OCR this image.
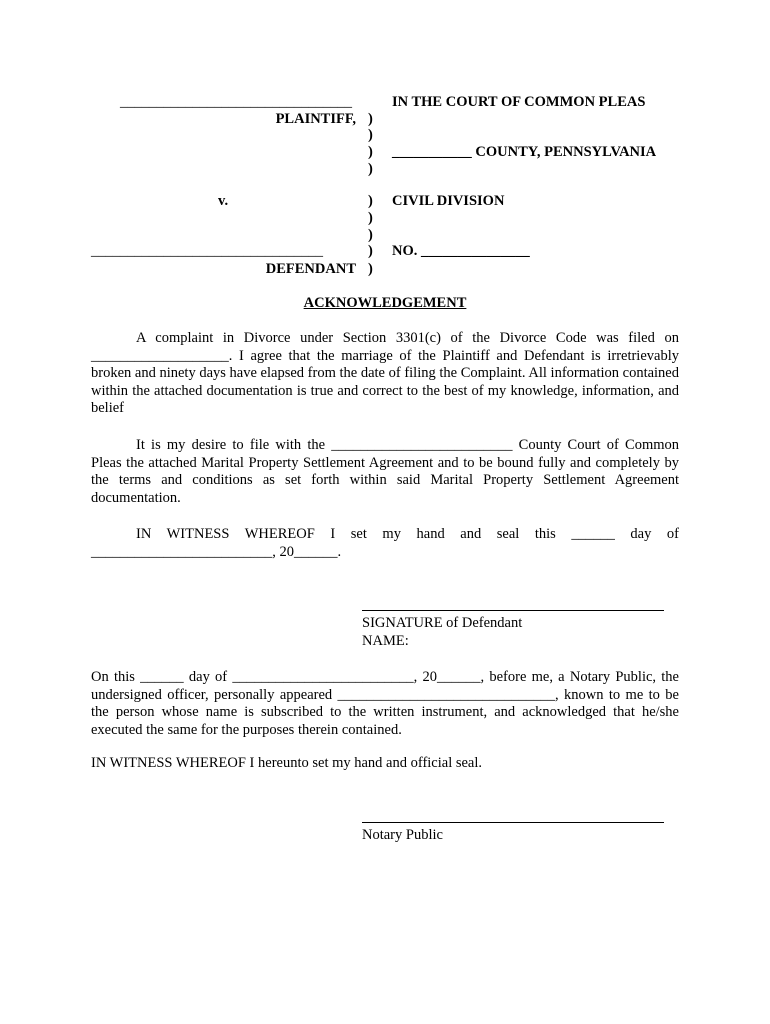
________________________________
PLAINTIFF,
v.
________________________________
DEFENDANT
)
)
)
)
)
)
)
)
)
IN THE COURT OF COMMON PLEAS
___________ COUNTY, PENNSYLVANIA
CIVIL DIVISION
NO. _______________
ACKNOWLEDGEMENT
A complaint in Divorce under Section 3301(c) of the Divorce Code was filed on ___________________. I agree that the marriage of the Plaintiff and Defendant is irretrievably broken and ninety days have elapsed from the date of filing the Complaint. All information contained within the attached documentation is true and correct to the best of my knowledge, information, and belief
It is my desire to file with the _________________________ County Court of Common Pleas the attached Marital Property Settlement Agreement and to be bound fully and completely by the terms and conditions as set forth within said Marital Property Settlement Agreement documentation.
IN WITNESS WHEREOF I set my hand and seal this ______ day of _________________________, 20______.
SIGNATURE of Defendant
NAME:
On this ______ day of _________________________, 20______, before me, a Notary Public, the undersigned officer, personally appeared ______________________________, known to me to be the person whose name is subscribed to the written instrument, and acknowledged that he/she executed the same for the purposes therein contained.
IN WITNESS WHEREOF I hereunto set my hand and official seal.
Notary Public
